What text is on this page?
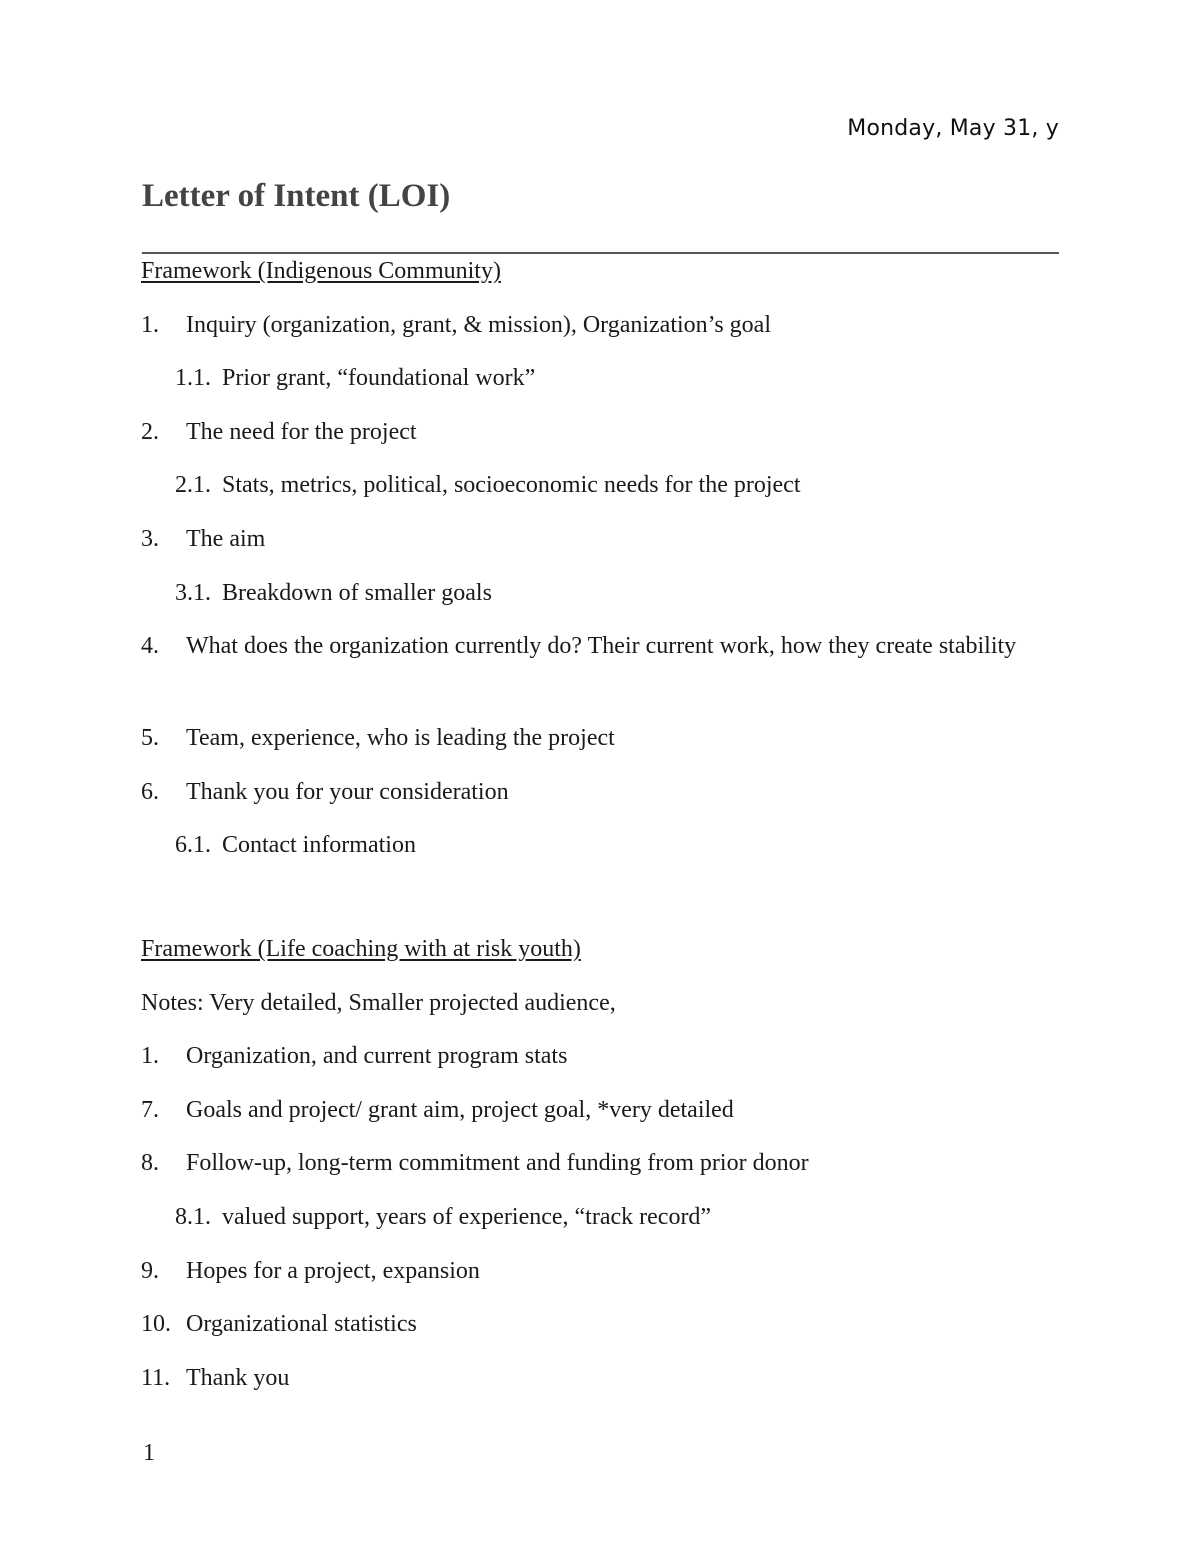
Monday, May 31, y
Letter of Intent (LOI)
Framework (Indigenous Community)
1. Inquiry (organization, grant, & mission), Organization’s goal
1.1. Prior grant, “foundational work”
2. The need for the project
2.1. Stats, metrics, political, socioeconomic needs for the project
3. The aim
3.1. Breakdown of smaller goals
4. What does the organization currently do? Their current work, how they create stability
5. Team, experience, who is leading the project
6. Thank you for your consideration
6.1. Contact information
Framework (Life coaching with at risk youth)
Notes: Very detailed, Smaller projected audience,
1. Organization, and current program stats
7. Goals and project/ grant aim, project goal, *very detailed
8. Follow-up, long-term commitment and funding from prior donor
8.1. valued support, years of experience, “track record”
9. Hopes for a project, expansion
10. Organizational statistics
11. Thank you
1
